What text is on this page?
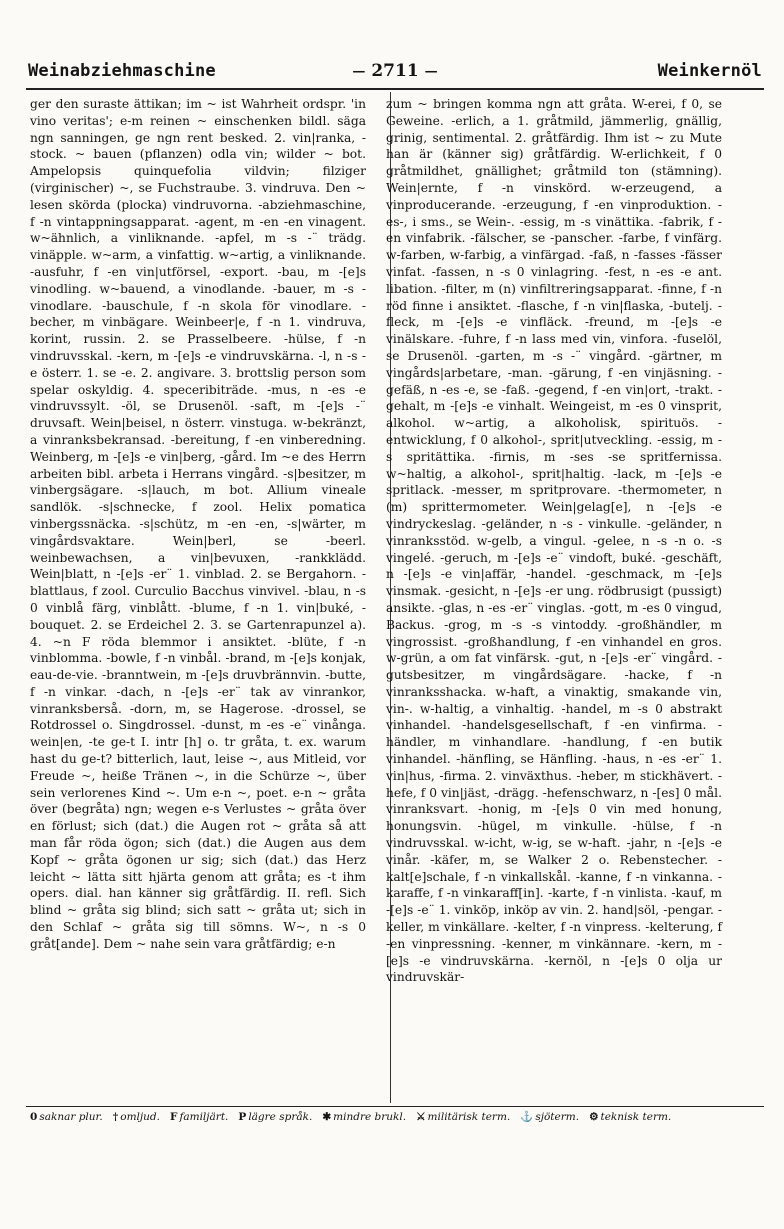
Weinabziehmaschine	— 2711 —	Weinkernöl

ger den suraste ättikan; im ~ ist Wahrheit ordspr. 'in vino veritas'; e-m reinen ~ einschenken bildl. säga ngn sanningen, ge ngn rent besked. 2. vin|ranka, -stock. ~ bauen (pflanzen) odla vin; wilder ~ bot. Ampelopsis quinquefolia vildvin; filziger (virginischer) ~, se Fuchstraube. 3. vindruva. Den ~ lesen skörda (plocka) vindruvorna. -abziehmaschine, f -n vintappningsapparat. -agent, m -en -en vinagent. w~ähnlich, a vinliknande. -apfel, m -s -¨ trädg. vinäpple. w~arm, a vinfattig. w~artig, a vinliknande. -ausfuhr, f -en vin|utförsel, -export. -bau, m -[e]s vinodling. w~bauend, a vinodlande. -bauer, m -s - vinodlare. -bauschule, f -n skola för vinodlare. -becher, m vinbägare. Weinbeer|e, f -n 1. vindruva, korint, russin. 2. se Prasselbeere. -hülse, f -n vindruvsskal. -kern, m -[e]s -e vindruvskärna. -l, n -s -e österr. 1. se -e. 2. angivare. 3. brottslig person som spelar oskyldig. 4. speceribiträde. -mus, n -es -e vindruvssylt. -öl, se Drusenöl. -saft, m -[e]s -¨ druvsaft. Wein|beisel, n österr. vinstuga. w-bekränzt, a vinranksbekransad. -bereitung, f -en vinberedning. Weinberg, m -[e]s -e vin|berg, -gård. Im ~e des Herrn arbeiten bibl. arbeta i Herrans vingård. -s|besitzer, m vinbergsägare. -s|lauch, m bot. Allium vineale sandlök. -s|schnecke, f zool. Helix pomatica vinbergssnäcka. -s|schütz, m -en -en, -s|wärter, m vingårdsvaktare. Wein|berl, se -beerl. weinbewachsen, a vin|bevuxen, -rankklädd. Wein|blatt, n -[e]s -er¨ 1. vinblad. 2. se Bergahorn. -blattlaus, f zool. Curculio Bacchus vinvivel. -blau, n -s 0 vinblå färg, vinblått. -blume, f -n 1. vin|buké, -bouquet. 2. se Erdeichel 2. 3. se Gartenrapunzel a). 4. ~n F röda blemmor i ansiktet. -blüte, f -n vinblomma. -bowle, f -n vinbål. -brand, m -[e]s konjak, eau-de-vie. -branntwein, m -[e]s druvbrännvin. -butte, f -n vinkar. -dach, n -[e]s -er¨ tak av vinrankor, vinranksberså. -dorn, m, se Hagerose. -drossel, se Rotdrossel o. Singdrossel. -dunst, m -es -e¨ vinånga. wein|en, -te ge-t I. intr [h] o. tr gråta, t. ex. warum hast du ge-t? bitterlich, laut, leise ~, aus Mitleid, vor Freude ~, heiße Tränen ~, in die Schürze ~, über sein verlorenes Kind ~. Um e-n ~, poet. e-n ~ gråta över (begråta) ngn; wegen e-s Verlustes ~ gråta över en förlust; sich (dat.) die Augen rot ~ gråta så att man får röda ögon; sich (dat.) die Augen aus dem Kopf ~ gråta ögonen ur sig; sich (dat.) das Herz leicht ~ lätta sitt hjärta genom att gråta; es -t ihm opers. dial. han känner sig gråtfärdig. II. refl. Sich blind ~ gråta sig blind; sich satt ~ gråta ut; sich in den Schlaf ~ gråta sig till sömns. W~, n -s 0 gråt[ande]. Dem ~ nahe sein vara gråtfärdig; e-n

zum ~ bringen komma ngn att gråta. W-erei, f 0, se Geweine. -erlich, a 1. gråtmild, jämmerlig, gnällig, grinig, sentimental. 2. gråtfärdig. Ihm ist ~ zu Mute han är (känner sig) gråtfärdig. W-erlichkeit, f 0 gråtmildhet, gnällighet; gråtmild ton (stämning). Wein|ernte, f -n vinskörd. w-erzeugend, a vinproducerande. -erzeugung, f -en vinproduktion. -es-, i sms., se Wein-. -essig, m -s vinättika. -fabrik, f -en vinfabrik. -fälscher, se -panscher. -farbe, f vinfärg. w-farben, w-farbig, a vinfärgad. -faß, n -fasses -fässer vinfat. -fassen, n -s 0 vinlagring. -fest, n -es -e ant. libation. -filter, m (n) vinfiltreringsapparat. -finne, f -n röd finne i ansiktet. -flasche, f -n vin|flaska, -butelj. -fleck, m -[e]s -e vinfläck. -freund, m -[e]s -e vinälskare. -fuhre, f -n lass med vin, vinfora. -fuselöl, se Drusenöl. -garten, m -s -¨ vingård. -gärtner, m vingårds|arbetare, -man. -gärung, f -en vinjäsning. -gefäß, n -es -e, se -faß. -gegend, f -en vin|ort, -trakt. -gehalt, m -[e]s -e vinhalt. Weingeist, m -es 0 vinsprit, alkohol. w~artig, a alkoholisk, spirituös. -entwicklung, f 0 alkohol-, sprit|utveckling. -essig, m -s spritättika. -firnis, m -ses -se spritfernissa. w~haltig, a alkohol-, sprit|haltig. -lack, m -[e]s -e spritlack. -messer, m spritprovare. -thermometer, n (m) sprittermometer. Wein|gelag[e], n -[e]s -e vindryckeslag. -geländer, n -s - vinkulle. -geländer, n vinranksstöd. w-gelb, a vingul. -gelee, n -s -n o. -s vingelé. -geruch, m -[e]s -e¨ vindoft, buké. -geschäft, n -[e]s -e vin|affär, -handel. -geschmack, m -[e]s vinsmak. -gesicht, n -[e]s -er ung. rödbrusigt (pussigt) ansikte. -glas, n -es -er¨ vinglas. -gott, m -es 0 vingud, Backus. -grog, m -s -s vintoddy. -großhändler, m vingrossist. -großhandlung, f -en vinhandel en gros. w-grün, a om fat vinfärsk. -gut, n -[e]s -er¨ vingård. -gutsbesitzer, m vingårdsägare. -hacke, f -n vinranksshacka. w-haft, a vinaktig, smakande vin, vin-. w-haltig, a vinhaltig. -handel, m -s 0 abstrakt vinhandel. -handelsgesellschaft, f -en vinfirma. -händler, m vinhandlare. -handlung, f -en butik vinhandel. -hänfling, se Hänfling. -haus, n -es -er¨ 1. vin|hus, -firma. 2. vinväxthus. -heber, m stickhävert. -hefe, f 0 vin|jäst, -drägg. -hefenschwarz, n -[es] 0 mål. vinranksvart. -honig, m -[e]s 0 vin med honung, honungsvin. -hügel, m vinkulle. -hülse, f -n vindruvsskal. w-icht, w-ig, se w-haft. -jahr, n -[e]s -e vinår. -käfer, m, se Walker 2 o. Rebenstecher. -kalt[e]schale, f -n vinkallskål. -kanne, f -n vinkanna. -karaffe, f -n vinkaraff[in]. -karte, f -n vinlista. -kauf, m -[e]s -e¨ 1. vinköp, inköp av vin. 2. hand|söl, -pengar. -keller, m vinkällare. -kelter, f -n vinpress. -kelterung, f -en vinpressning. -kenner, m vinkännare. -kern, m -[e]s -e vindruvskärna. -kernöl, n -[e]s 0 olja ur vindruvskär-

0 saknar plur. † omljud. F familjärt. P lägre språk. ✱ mindre brukl. ⚔ militärisk term. ⚓ sjöterm. ⚙ teknisk term.
